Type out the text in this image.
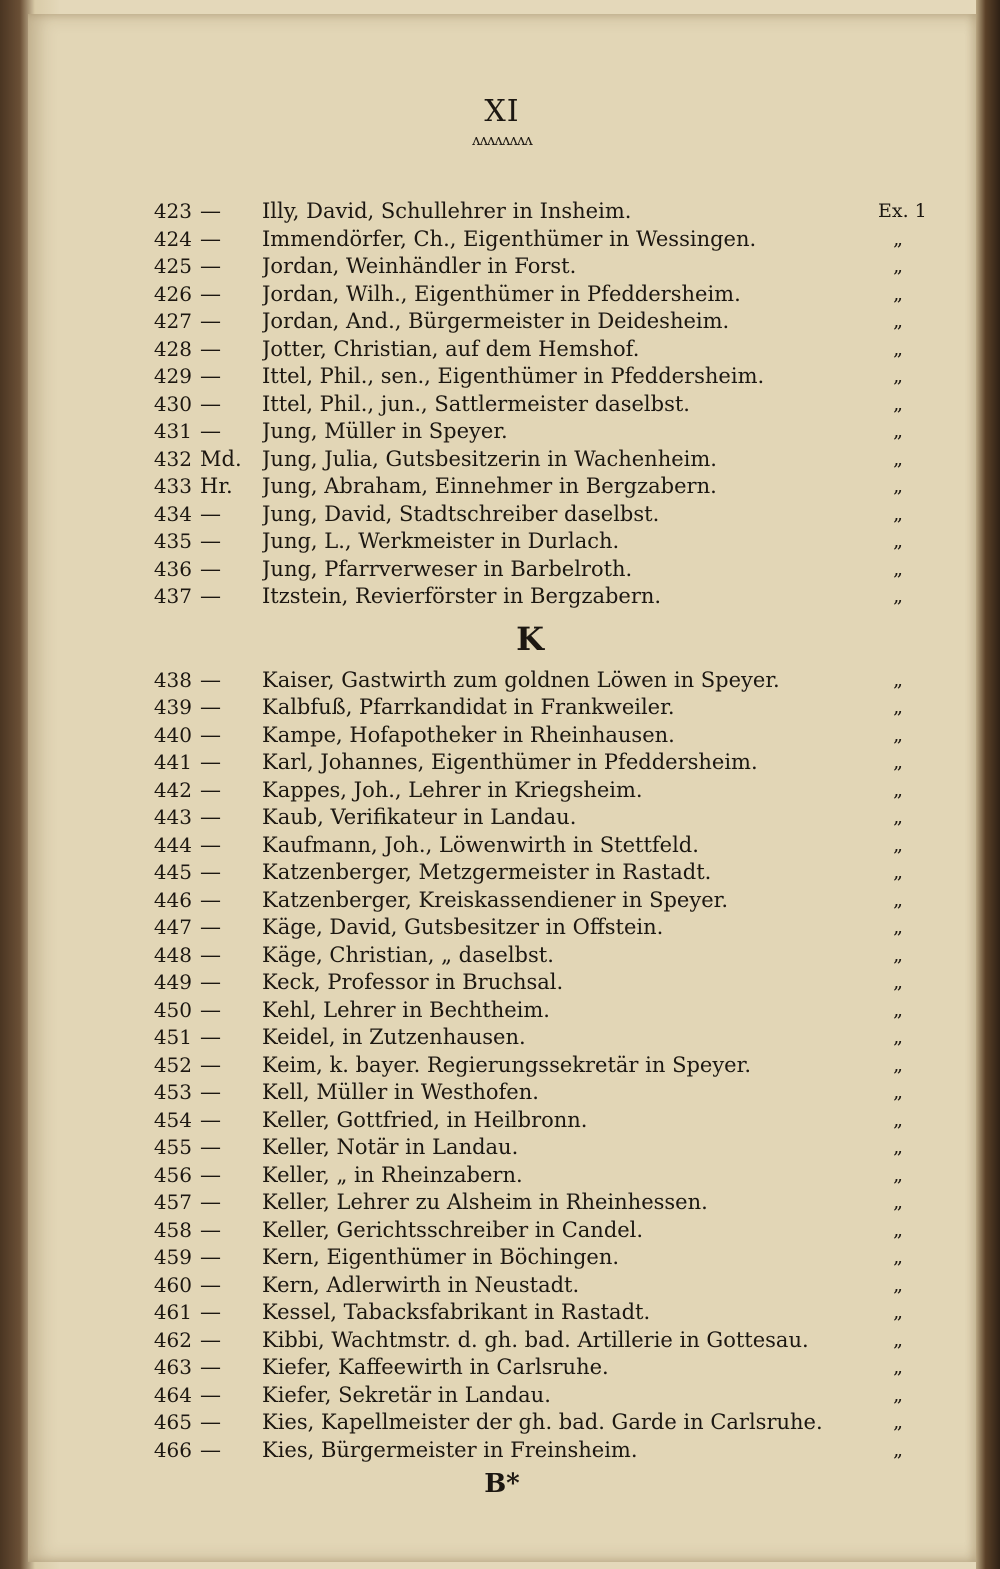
XI
ʌʌʌʌʌʌʌʌ
423 —	Illy, David, Schullehrer in Insheim.	Ex. 1
424 —	Immendörfer, Ch., Eigenthümer in Wessingen.	„
425 —	Jordan, Weinhändler in Forst.	„
426 —	Jordan, Wilh., Eigenthümer in Pfeddersheim.	„
427 —	Jordan, And., Bürgermeister in Deidesheim.	„
428 —	Jotter, Christian, auf dem Hemshof.	„
429 —	Ittel, Phil., sen., Eigenthümer in Pfeddersheim.	„
430 —	Ittel, Phil., jun., Sattlermeister daselbst.	„
431 —	Jung, Müller in Speyer.	„
432 Md. Jung, Julia, Gutsbesitzerin in Wachenheim.	„
433 Hr.	Jung, Abraham, Einnehmer in Bergzabern.	„
434 —	Jung, David, Stadtschreiber daselbst.	„
435 —	Jung, L., Werkmeister in Durlach.	„
436 —	Jung, Pfarrverweser in Barbelroth.	„
437 —	Itzstein, Revierförster in Bergzabern.	„
K
438 —	Kaiser, Gastwirth zum goldnen Löwen in Speyer.	„
439 —	Kalbfuß, Pfarrkandidat in Frankweiler.	„
440 —	Kampe, Hofapotheker in Rheinhausen.	„
441 —	Karl, Johannes, Eigenthümer in Pfeddersheim.	„
442 —	Kappes, Joh., Lehrer in Kriegsheim.	„
443 —	Kaub, Verifikateur in Landau.	„
444 —	Kaufmann, Joh., Löwenwirth in Stettfeld.	„
445 —	Katzenberger, Metzgermeister in Rastadt.	„
446 —	Katzenberger, Kreiskassendiener in Speyer.	„
447 —	Käge, David, Gutsbesitzer in Offstein.	„
448 —	Käge, Christian, „ daselbst.	„
449 —	Keck, Professor in Bruchsal.	„
450 —	Kehl, Lehrer in Bechtheim.	„
451 —	Keidel, in Zutzenhausen.	„
452 —	Keim, k. bayer. Regierungssekretär in Speyer.	„
453 —	Kell, Müller in Westhofen.	„
454 —	Keller, Gottfried, in Heilbronn.	„
455 —	Keller, Notär in Landau.	„
456 —	Keller, „ in Rheinzabern.	„
457 —	Keller, Lehrer zu Alsheim in Rheinhessen.	„
458 —	Keller, Gerichtsschreiber in Candel.	„
459 —	Kern, Eigenthümer in Böchingen.	„
460 —	Kern, Adlerwirth in Neustadt.	„
461 —	Kessel, Tabacksfabrikant in Rastadt.	„
462 —	Kibbi, Wachtmstr. d. gh. bad. Artillerie in Gottesau.	„
463 —	Kiefer, Kaffeewirth in Carlsruhe.	„
464 —	Kiefer, Sekretär in Landau.	„
465 —	Kies, Kapellmeister der gh. bad. Garde in Carlsruhe.	„
466 —	Kies, Bürgermeister in Freinsheim.	„
B*
